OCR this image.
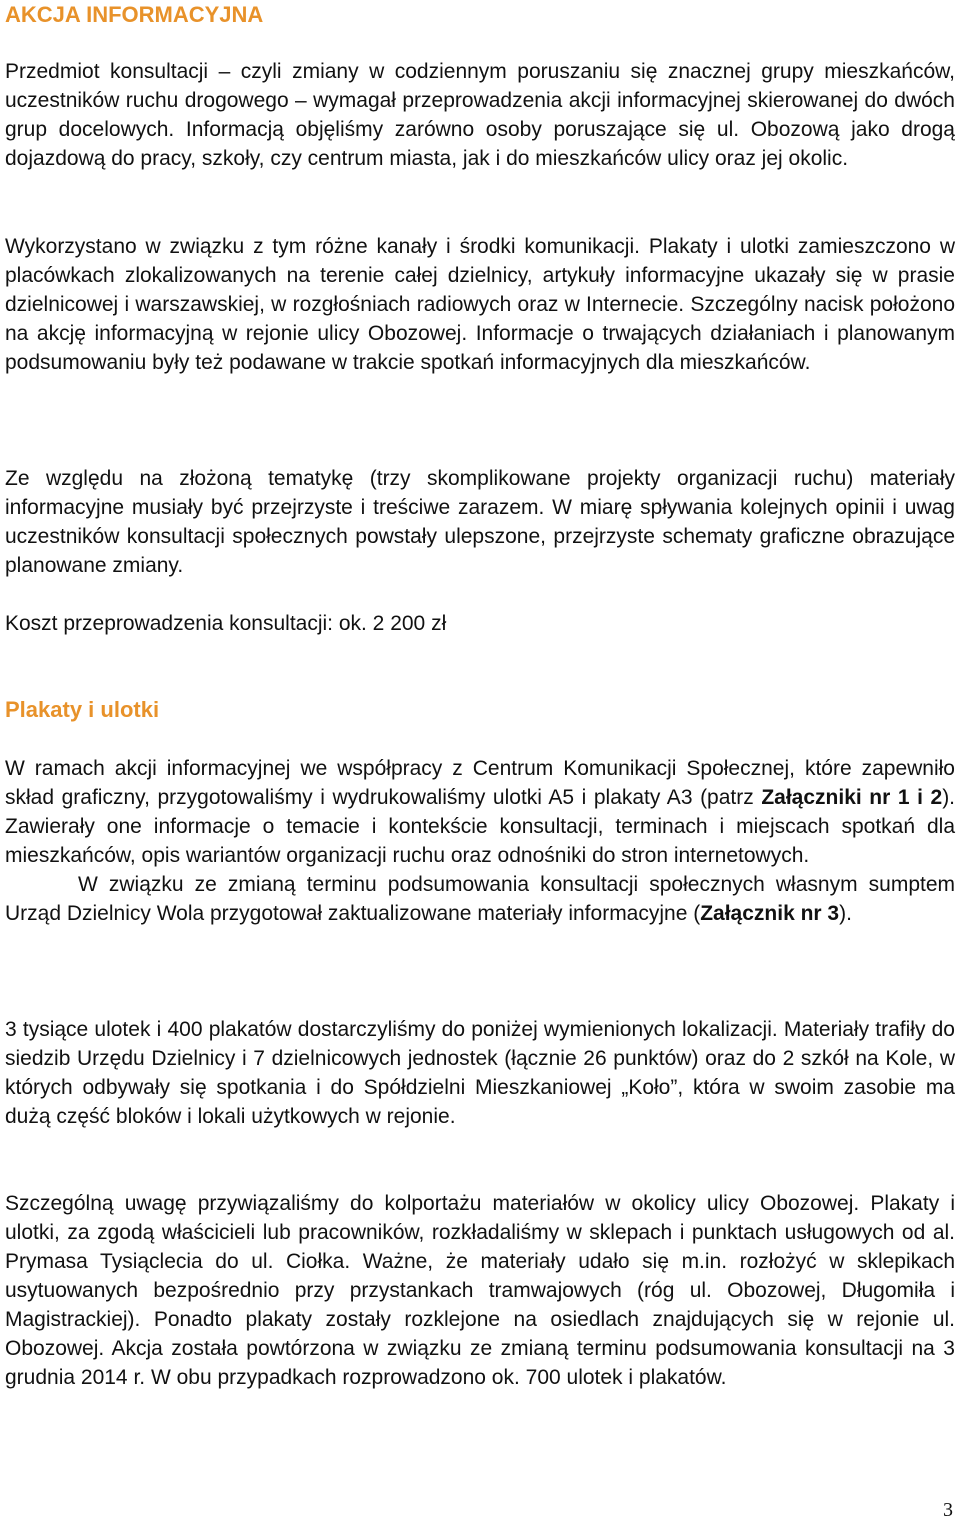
AKCJA INFORMACYJNA

Przedmiot konsultacji – czyli zmiany w codziennym poruszaniu się znacznej grupy mieszkańców, uczestników ruchu drogowego – wymagał przeprowadzenia akcji informacyjnej skierowanej do dwóch grup docelowych. Informacją objęliśmy zarówno osoby poruszające się ul. Obozową jako drogą dojazdową do pracy, szkoły, czy centrum miasta, jak i do mieszkańców ulicy oraz jej okolic.

Wykorzystano w związku z tym różne kanały i środki komunikacji. Plakaty i ulotki zamieszczono w placówkach zlokalizowanych na terenie całej dzielnicy, artykuły informacyjne ukazały się w prasie dzielnicowej i warszawskiej, w rozgłośniach radiowych oraz w Internecie. Szczególny nacisk położono na akcję informacyjną w rejonie ulicy Obozowej. Informacje o trwających działaniach i planowanym podsumowaniu były też podawane w trakcie spotkań informacyjnych dla mieszkańców.

Ze względu na złożoną tematykę (trzy skomplikowane projekty organizacji ruchu) materiały informacyjne musiały być przejrzyste i treściwe zarazem. W miarę spływania kolejnych opinii i uwag uczestników konsultacji społecznych powstały ulepszone, przejrzyste schematy graficzne obrazujące planowane zmiany.

Koszt przeprowadzenia konsultacji: ok. 2 200 zł

Plakaty i ulotki

W ramach akcji informacyjnej we współpracy z Centrum Komunikacji Społecznej, które zapewniło skład graficzny, przygotowaliśmy i wydrukowaliśmy ulotki A5 i plakaty A3 (patrz Załączniki nr 1 i 2). Zawierały one informacje o temacie i kontekście konsultacji, terminach i miejscach spotkań dla mieszkańców, opis wariantów organizacji ruchu oraz odnośniki do stron internetowych.
W związku ze zmianą terminu podsumowania konsultacji społecznych własnym sumptem Urząd Dzielnicy Wola przygotował zaktualizowane materiały informacyjne (Załącznik nr 3).

3 tysiące ulotek i 400 plakatów dostarczyliśmy do poniżej wymienionych lokalizacji. Materiały trafiły do siedzib Urzędu Dzielnicy i 7 dzielnicowych jednostek (łącznie 26 punktów) oraz do 2 szkół na Kole, w których odbywały się spotkania i do Spółdzielni Mieszkaniowej „Koło”, która w swoim zasobie ma dużą część bloków i lokali użytkowych w rejonie.

Szczególną uwagę przywiązaliśmy do kolportażu materiałów w okolicy ulicy Obozowej. Plakaty i ulotki, za zgodą właścicieli lub pracowników, rozkładaliśmy w sklepach i punktach usługowych od al. Prymasa Tysiąclecia do ul. Ciołka. Ważne, że materiały udało się m.in. rozłożyć w sklepikach usytuowanych bezpośrednio przy przystankach tramwajowych (róg ul. Obozowej, Długomiła i Magistrackiej). Ponadto plakaty zostały rozklejone na osiedlach znajdujących się w rejonie ul. Obozowej. Akcja została powtórzona w związku ze zmianą terminu podsumowania konsultacji na 3 grudnia 2014 r. W obu przypadkach rozprowadzono ok. 700 ulotek i plakatów.

3
